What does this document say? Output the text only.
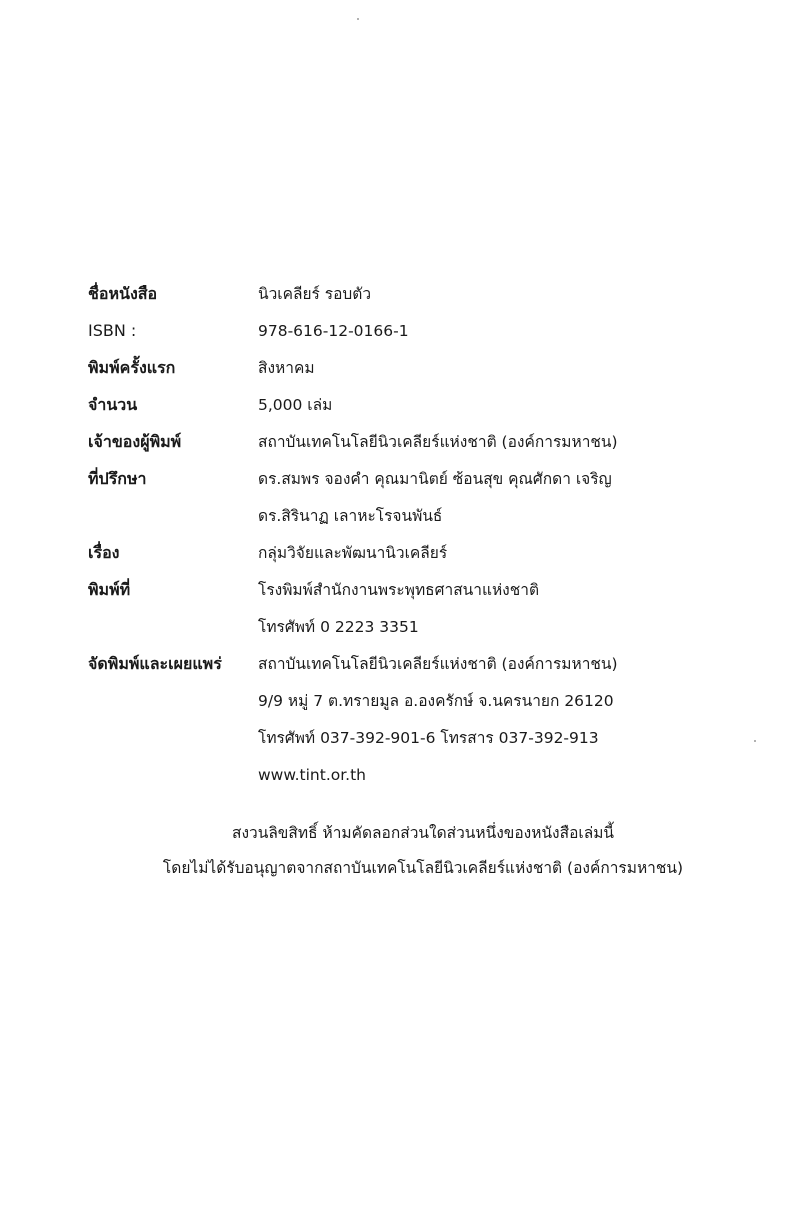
ชื่อหนังสือ	นิวเคลียร์ รอบตัว
ISBN :	978-616-12-0166-1
พิมพ์ครั้งแรก	สิงหาคม
จำนวน	5,000 เล่ม
เจ้าของผู้พิมพ์	สถาบันเทคโนโลยีนิวเคลียร์แห่งชาติ (องค์การมหาชน)
ที่ปรึกษา	ดร.สมพร จองคำ คุณมานิตย์ ซ้อนสุข คุณศักดา เจริญ
ดร.สิรินาฏ เลาหะโรจนพันธ์
เรื่อง	กลุ่มวิจัยและพัฒนานิวเคลียร์
พิมพ์ที่	โรงพิมพ์สำนักงานพระพุทธศาสนาแห่งชาติ
โทรศัพท์ 0 2223 3351
จัดพิมพ์และเผยแพร่	สถาบันเทคโนโลยีนิวเคลียร์แห่งชาติ (องค์การมหาชน)
9/9 หมู่ 7 ต.ทรายมูล อ.องครักษ์ จ.นครนายก 26120
โทรศัพท์ 037-392-901-6 โทรสาร 037-392-913
www.tint.or.th
สงวนลิขสิทธิ์ ห้ามคัดลอกส่วนใดส่วนหนึ่งของหนังสือเล่มนี้
โดยไม่ได้รับอนุญาตจากสถาบันเทคโนโลยีนิวเคลียร์แห่งชาติ (องค์การมหาชน)
